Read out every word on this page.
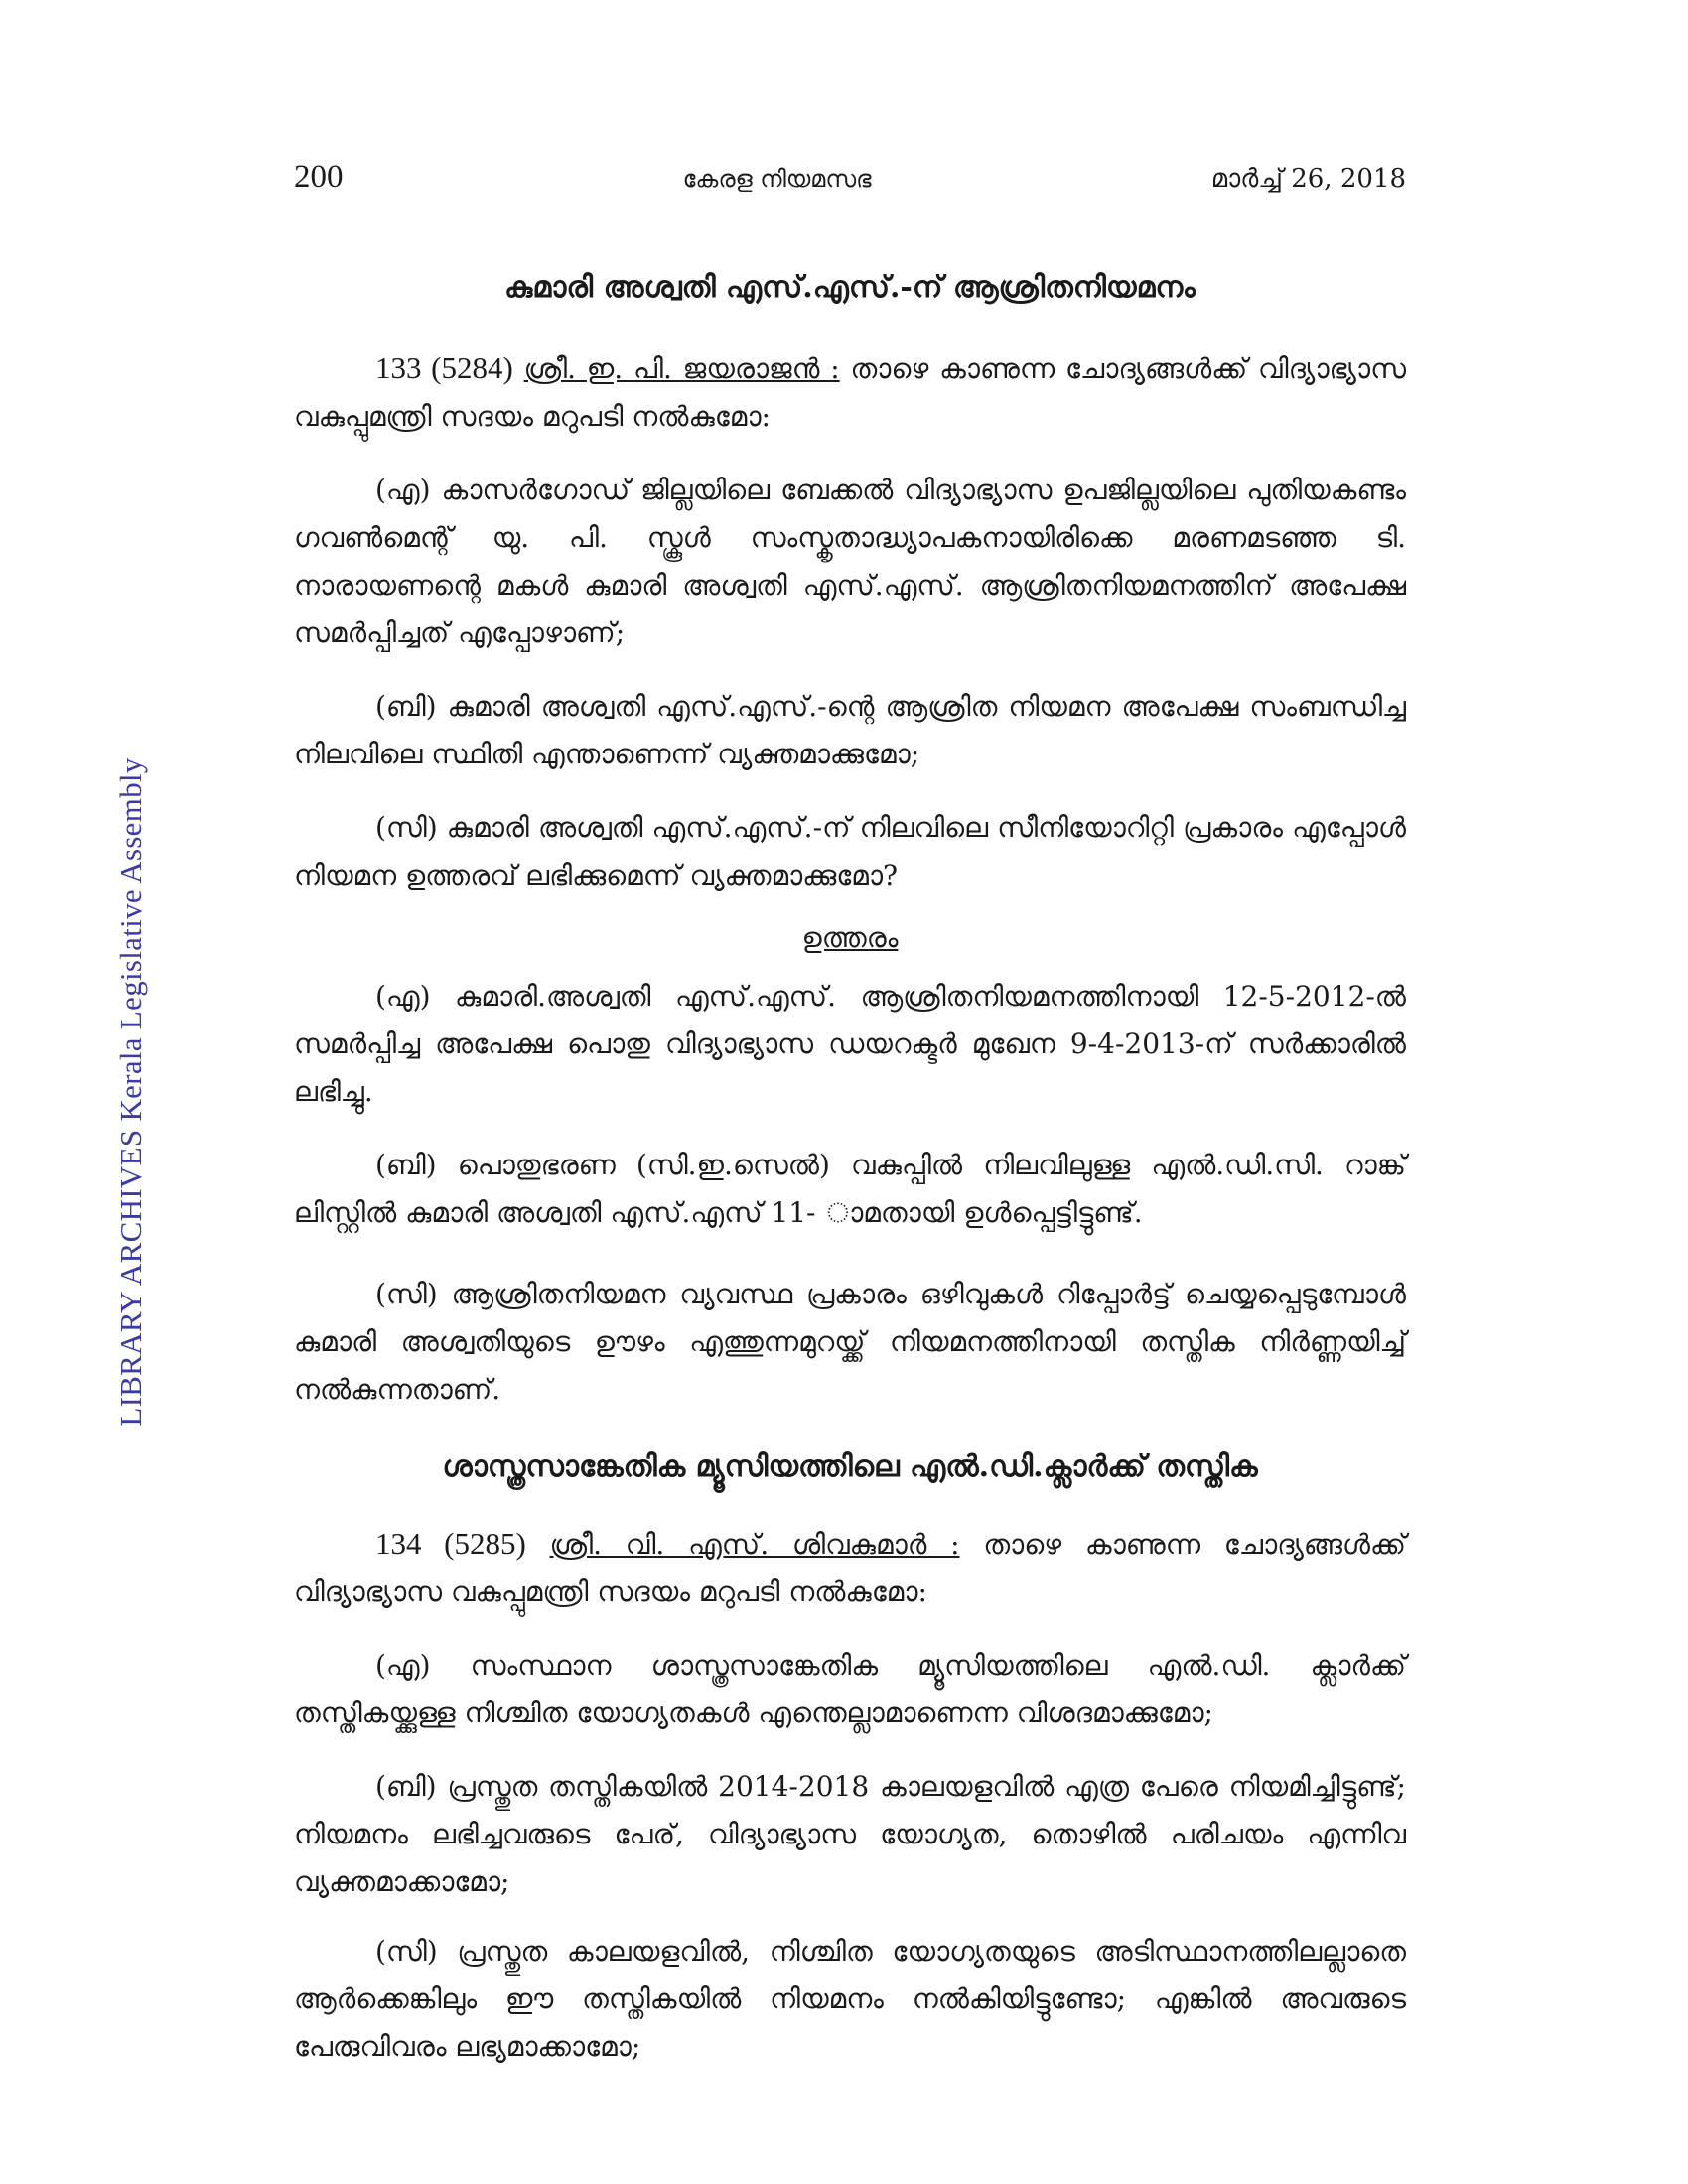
LIBRARY ARCHIVES Kerala Legislative Assembly
200	കേരള നിയമസഭ	മാർച്ച് 26, 2018
കുമാരി അശ്വതി എസ്.എസ്.-ന് ആശ്രിതനിയമനം

133 (5284) ശ്രീ. ഇ. പി. ജയരാജൻ : താഴെ കാണുന്ന ചോദ്യങ്ങൾക്ക് വിദ്യാഭ്യാസ വകുപ്പുമന്ത്രി സദയം മറുപടി നൽകുമോ:

(എ) കാസർഗോഡ് ജില്ലയിലെ ബേക്കൽ വിദ്യാഭ്യാസ ഉപജില്ലയിലെ പുതിയകണ്ടം ഗവൺമെന്റ് യു. പി. സ്കൂൾ സംസ്കൃതാദ്ധ്യാപകനായിരിക്കെ മരണമടഞ്ഞ ടി. നാരായണന്റെ മകൾ കുമാരി അശ്വതി എസ്.എസ്. ആശ്രിതനിയമനത്തിന് അപേക്ഷ സമർപ്പിച്ചത് എപ്പോഴാണ്;

(ബി) കുമാരി അശ്വതി എസ്.എസ്.-ന്റെ ആശ്രിത നിയമന അപേക്ഷ സംബന്ധിച്ച നിലവിലെ സ്ഥിതി എന്താണെന്ന് വ്യക്തമാക്കുമോ;

(സി) കുമാരി അശ്വതി എസ്.എസ്.-ന് നിലവിലെ സീനിയോറിറ്റി പ്രകാരം എപ്പോൾ നിയമന ഉത്തരവ് ലഭിക്കുമെന്ന് വ്യക്തമാക്കുമോ?

ഉത്തരം

(എ) കുമാരി.അശ്വതി എസ്.എസ്. ആശ്രിതനിയമനത്തിനായി 12-5-2012-ൽ സമർപ്പിച്ച അപേക്ഷ പൊതു വിദ്യാഭ്യാസ ഡയറക്ടർ മുഖേന 9-4-2013-ന് സർക്കാരിൽ ലഭിച്ചു.

(ബി) പൊതുഭരണ (സി.ഇ.സെൽ) വകുപ്പിൽ നിലവിലുള്ള എൽ.ഡി.സി. റാങ്ക് ലിസ്റ്റിൽ കുമാരി അശ്വതി എസ്.എസ് 11- ാമതായി ഉൾപ്പെട്ടിട്ടുണ്ട്.

(സി) ആശ്രിതനിയമന വ്യവസ്ഥ പ്രകാരം ഒഴിവുകൾ റിപ്പോർട്ട് ചെയ്യപ്പെടുമ്പോൾ കുമാരി അശ്വതിയുടെ ഊഴം എത്തുന്നമുറയ്ക്ക് നിയമനത്തിനായി തസ്തിക നിർണ്ണയിച്ച് നൽകുന്നതാണ്.

ശാസ്ത്രസാങ്കേതിക മ്യൂസിയത്തിലെ എൽ.ഡി.ക്ലാർക്ക് തസ്തിക

134 (5285) ശ്രീ. വി. എസ്. ശിവകുമാർ : താഴെ കാണുന്ന ചോദ്യങ്ങൾക്ക് വിദ്യാഭ്യാസ വകുപ്പുമന്ത്രി സദയം മറുപടി നൽകുമോ:

(എ) സംസ്ഥാന ശാസ്ത്രസാങ്കേതിക മ്യൂസിയത്തിലെ എൽ.ഡി. ക്ലാർക്ക് തസ്തികയ്ക്കുള്ള നിശ്ചിത യോഗ്യതകൾ എന്തെല്ലാമാണെന്ന വിശദമാക്കുമോ;

(ബി) പ്രസ്തുത തസ്തികയിൽ 2014-2018 കാലയളവിൽ എത്ര പേരെ നിയമിച്ചിട്ടുണ്ട്; നിയമനം ലഭിച്ചവരുടെ പേര്, വിദ്യാഭ്യാസ യോഗ്യത, തൊഴിൽ പരിചയം എന്നിവ വ്യക്തമാക്കാമോ;

(സി) പ്രസ്തുത കാലയളവിൽ, നിശ്ചിത യോഗ്യതയുടെ അടിസ്ഥാനത്തിലല്ലാതെ ആർക്കെങ്കിലും ഈ തസ്തികയിൽ നിയമനം നൽകിയിട്ടുണ്ടോ; എങ്കിൽ അവരുടെ പേരുവിവരം ലഭ്യമാക്കാമോ;
